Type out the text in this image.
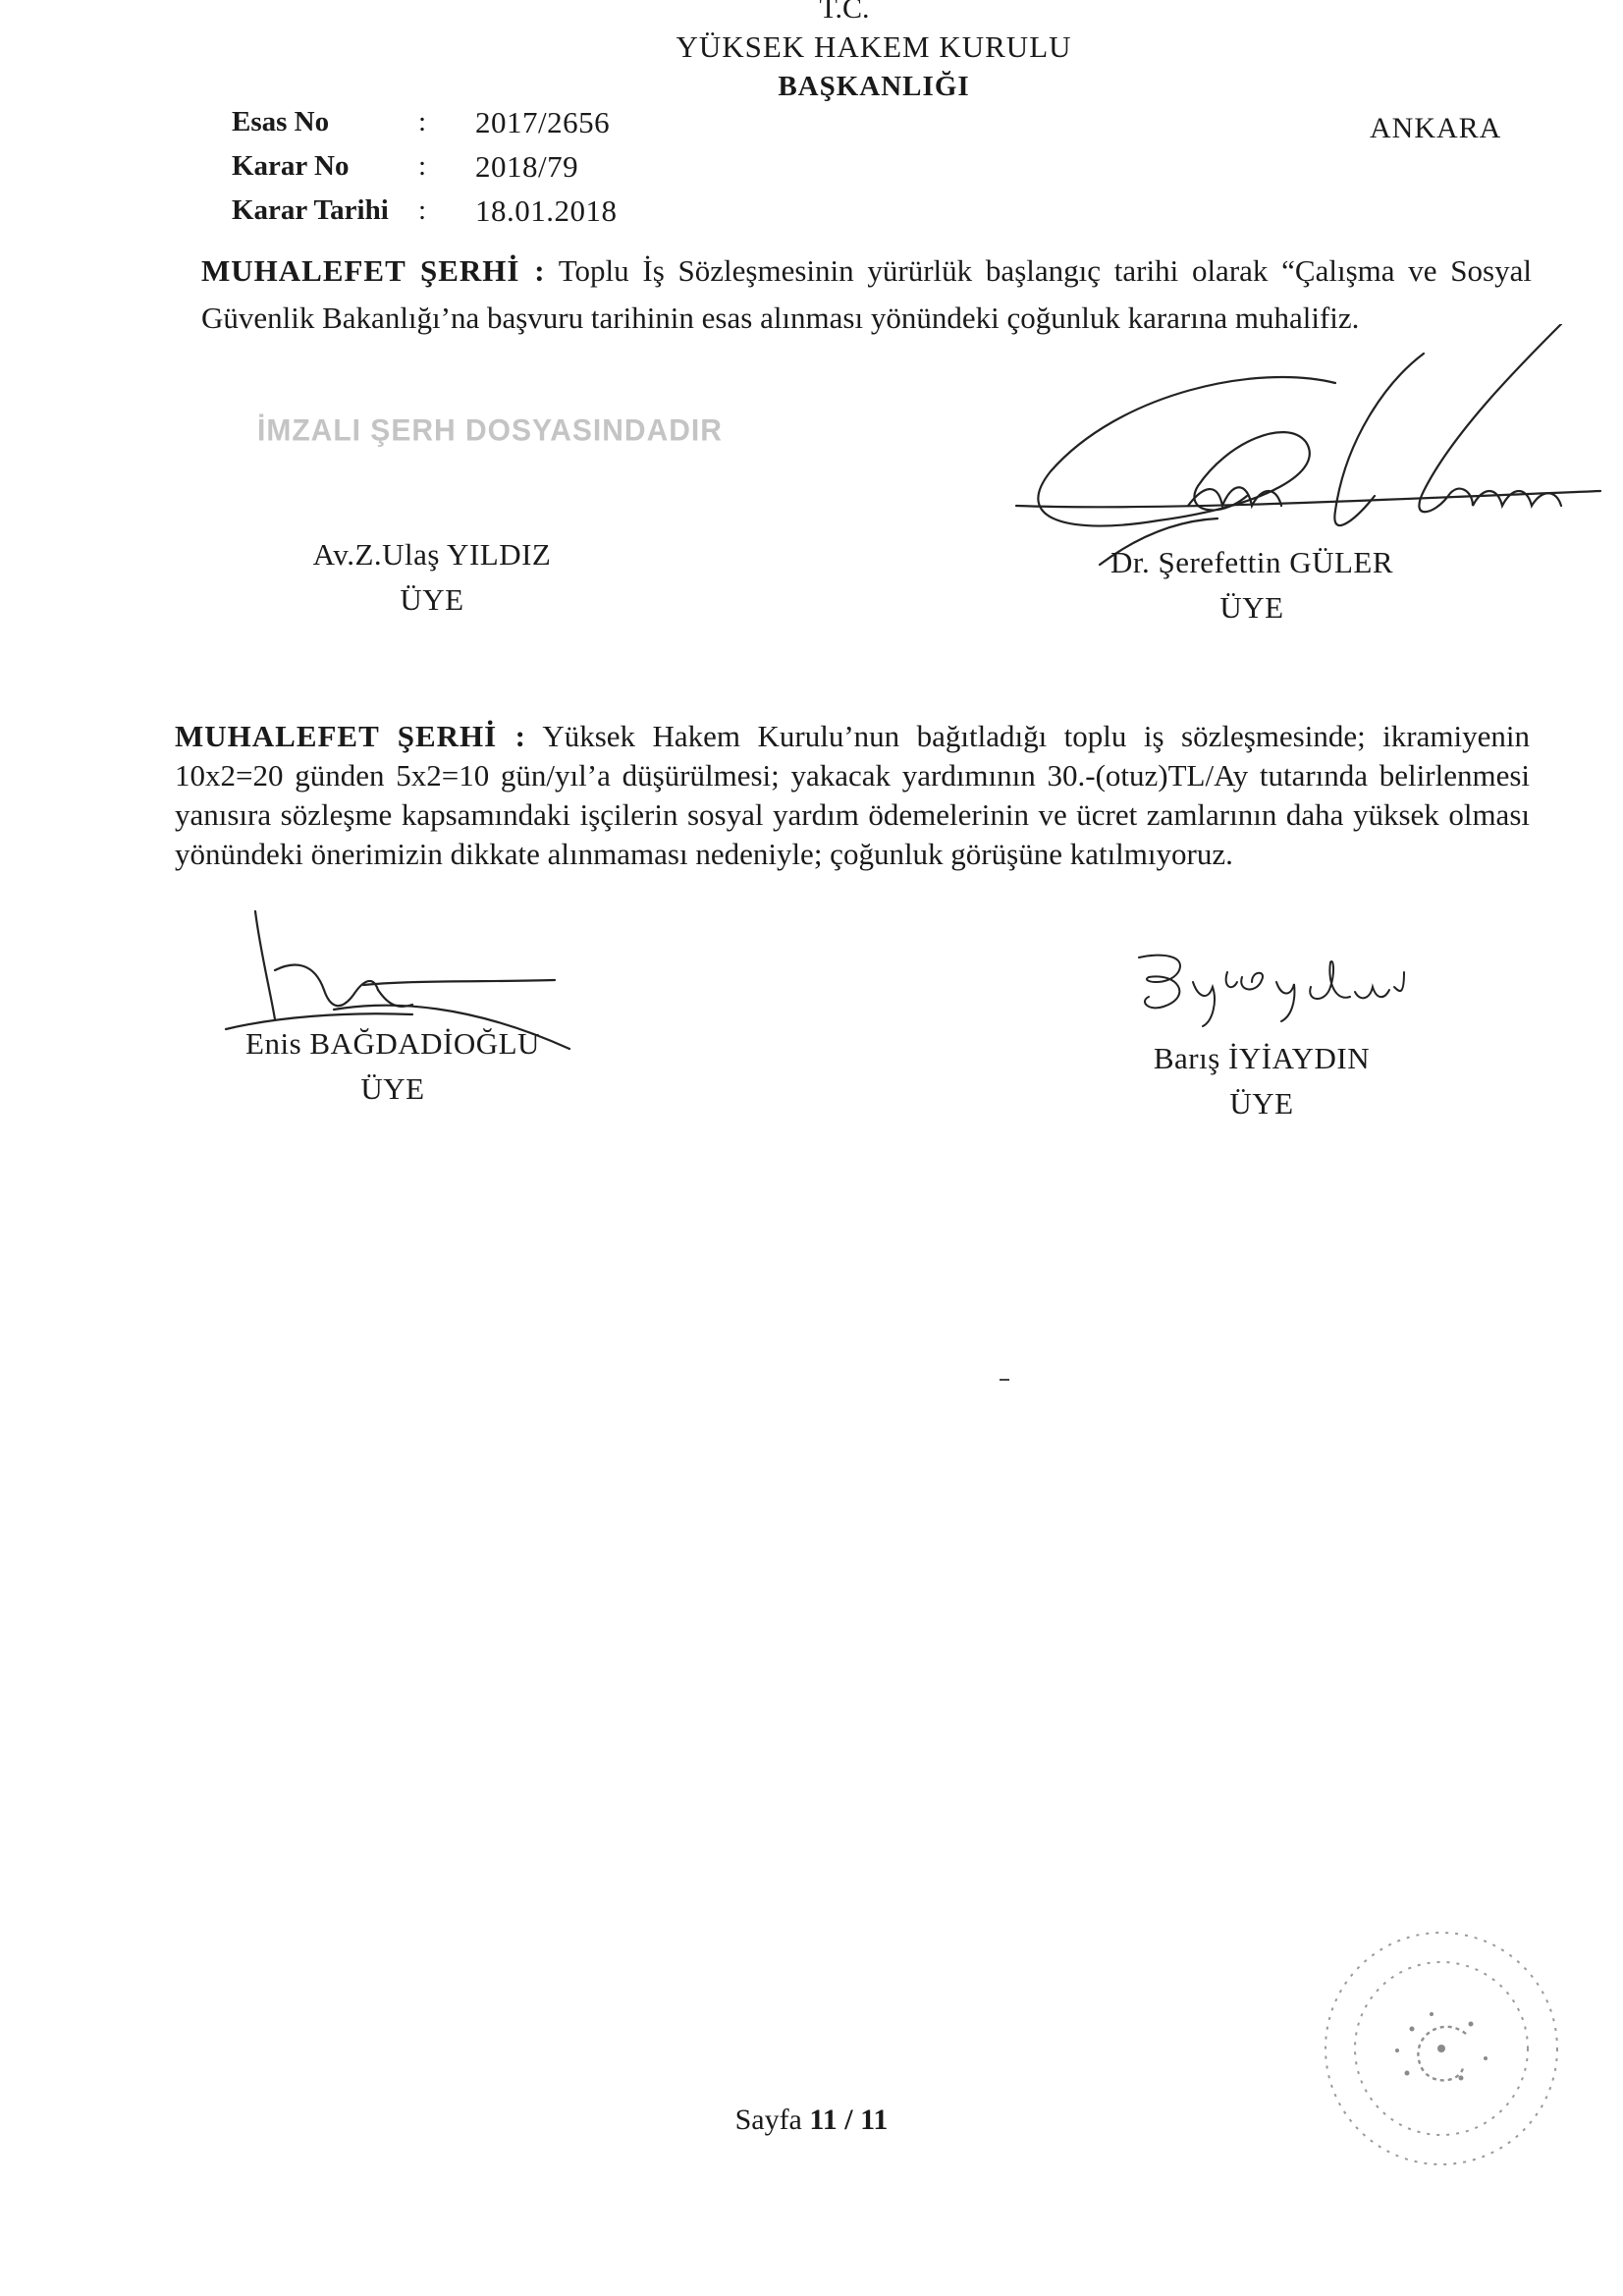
T.C.
YÜKSEK HAKEM KURULU
BAŞKANLIĞI
ANKARA
Esas No	:	2017/2656
Karar No	:	2018/79
Karar Tarihi	:	18.01.2018
MUHALEFET ŞERHİ : Toplu İş Sözleşmesinin yürürlük başlangıç tarihi olarak “Çalışma ve Sosyal Güvenlik Bakanlığı’na başvuru tarihinin esas alınması yönündeki çoğunluk kararına muhalifiz.
İMZALI ŞERH DOSYASINDADIR
Av.Z.Ulaş YILDIZ
ÜYE
Dr. Şerefettin GÜLER
ÜYE
MUHALEFET ŞERHİ : Yüksek Hakem Kurulu’nun bağıtladığı toplu iş sözleşmesinde; ikramiyenin 10x2=20 günden 5x2=10 gün/yıl’a düşürülmesi; yakacak yardımının 30.-(otuz)TL/Ay tutarında belirlenmesi yanısıra sözleşme kapsamındaki işçilerin sosyal yardım ödemelerinin ve ücret zamlarının daha yüksek olması yönündeki önerimizin dikkate alınmaması nedeniyle; çoğunluk görüşüne katılmıyoruz.
Enis BAĞDADİOĞLU
ÜYE
Barış İYİAYDIN
ÜYE
Sayfa 11 / 11
